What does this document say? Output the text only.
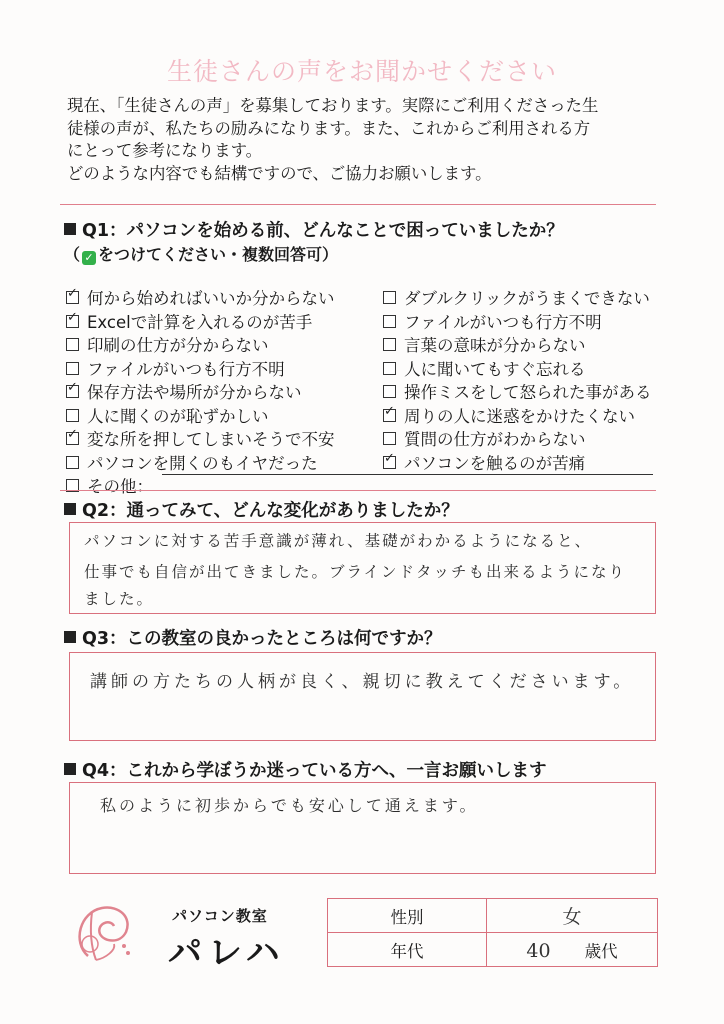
生徒さんの声をお聞かせください
現在、「生徒さんの声」を募集しております。実際にご利用くださった生
徒様の声が、私たちの励みになります。また、これからご利用される方
にとって参考になります。
どのような内容でも結構ですので、ご協力お願いします。
Q1：パソコンを始める前、どんなことで困っていましたか？
（ ✓ をつけてください・複数回答可）
✓何から始めればいいか分からない
✓Excelで計算を入れるのが苦手
印刷の仕方が分からない
ファイルがいつも行方不明
✓保存方法や場所が分からない
人に聞くのが恥ずかしい
✓変な所を押してしまいそうで不安
パソコンを開くのもイヤだった
その他：
ダブルクリックがうまくできない
ファイルがいつも行方不明
言葉の意味が分からない
人に聞いてもすぐ忘れる
操作ミスをして怒られた事がある
✓周りの人に迷惑をかけたくない
質問の仕方がわからない
✓パソコンを触るのが苦痛
Q2：通ってみて、どんな変化がありましたか？
パソコンに対する苦手意識が薄れ、基礎がわかるようになると、
仕事でも自信が出てきました。ブラインドタッチも出来るようになり
ました。
Q3：この教室の良かったところは何ですか？
講師の方たちの人柄が良く、親切に教えてくださいます。
Q4：これから学ぼうか迷っている方へ、一言お願いします
私のように初歩からでも安心して通えます。
パソコン教室
パレハ
性別	女
年代	40 歳代
